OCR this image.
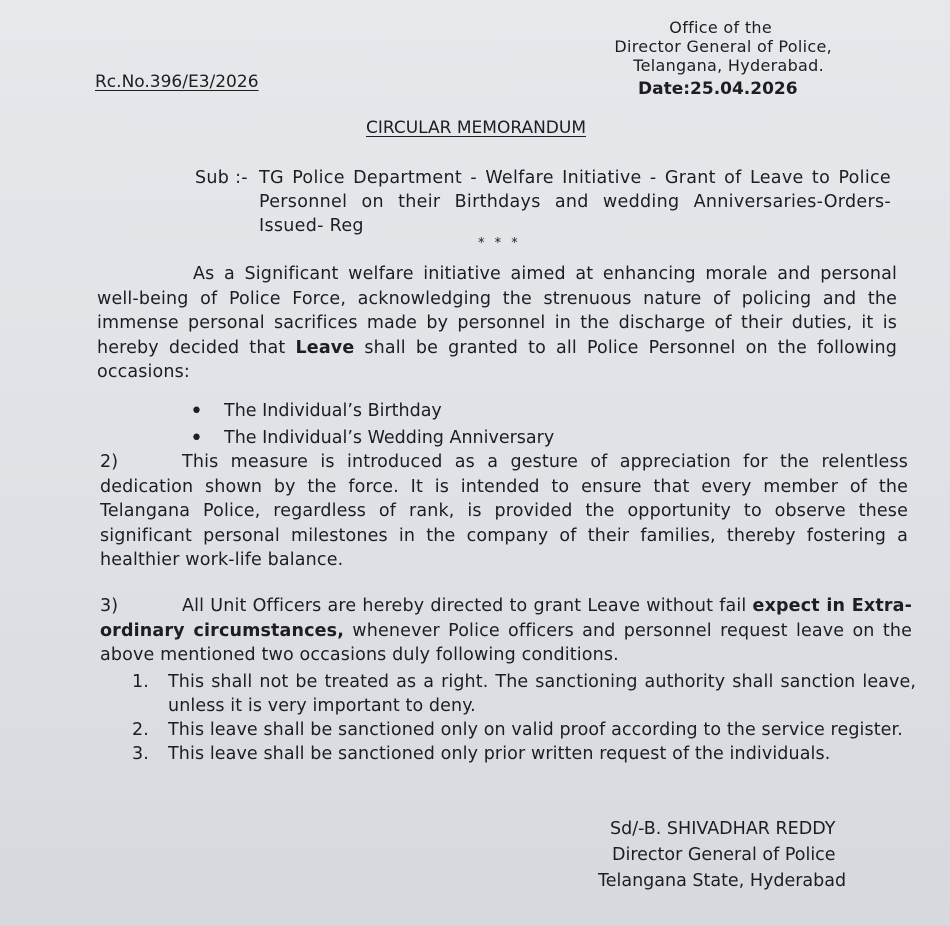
Office of the
Director General of Police,
Telangana, Hyderabad.
Rc.No.396/E3/2026	Date:25.04.2026
CIRCULAR MEMORANDUM
Sub :- TG Police Department - Welfare Initiative - Grant of Leave to Police Personnel on their Birthdays and wedding Anniversaries-Orders-Issued- Reg
* * *
As a Significant welfare initiative aimed at enhancing morale and personal well-being of Police Force, acknowledging the strenuous nature of policing and the immense personal sacrifices made by personnel in the discharge of their duties, it is hereby decided that Leave shall be granted to all Police Personnel on the following occasions:
•	The Individual’s Birthday
•	The Individual’s Wedding Anniversary
2)	This measure is introduced as a gesture of appreciation for the relentless dedication shown by the force. It is intended to ensure that every member of the Telangana Police, regardless of rank, is provided the opportunity to observe these significant personal milestones in the company of their families, thereby fostering a healthier work-life balance.
3)	All Unit Officers are hereby directed to grant Leave without fail expect in Extra-ordinary circumstances, whenever Police officers and personnel request leave on the above mentioned two occasions duly following conditions.
1.	This shall not be treated as a right. The sanctioning authority shall sanction leave, unless it is very important to deny.
2.	This leave shall be sanctioned only on valid proof according to the service register.
3.	This leave shall be sanctioned only prior written request of the individuals.
Sd/-B. SHIVADHAR REDDY
Director General of Police
Telangana State, Hyderabad
